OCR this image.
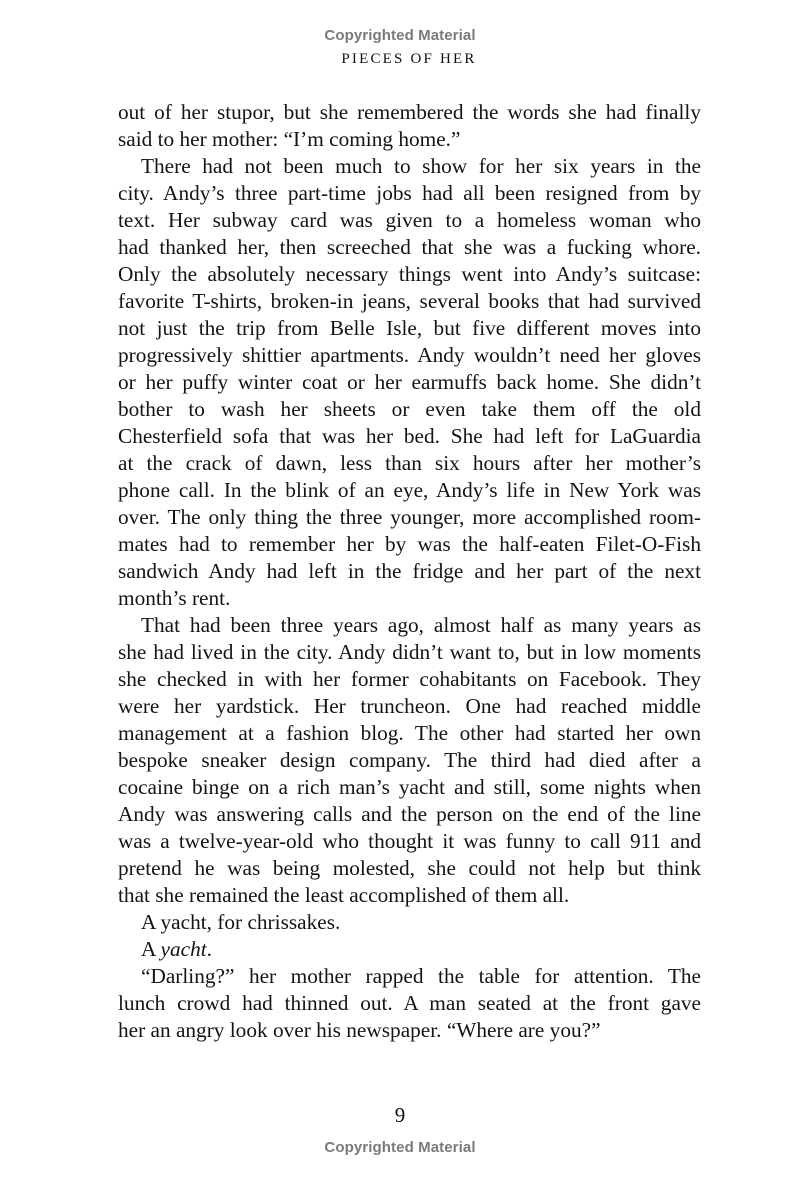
Copyrighted Material
PIECES OF HER
out of her stupor, but she remembered the words she had finally
said to her mother: “I’m coming home.”
There had not been much to show for her six years in the
city. Andy’s three part-time jobs had all been resigned from by
text. Her subway card was given to a homeless woman who
had thanked her, then screeched that she was a fucking whore.
Only the absolutely necessary things went into Andy’s suitcase:
favorite T-shirts, broken-in jeans, several books that had survived
not just the trip from Belle Isle, but five different moves into
progressively shittier apartments. Andy wouldn’t need her gloves
or her puffy winter coat or her earmuffs back home. She didn’t
bother to wash her sheets or even take them off the old
Chesterfield sofa that was her bed. She had left for LaGuardia
at the crack of dawn, less than six hours after her mother’s
phone call. In the blink of an eye, Andy’s life in New York was
over. The only thing the three younger, more accomplished room-
mates had to remember her by was the half-eaten Filet-O-Fish
sandwich Andy had left in the fridge and her part of the next
month’s rent.
That had been three years ago, almost half as many years as
she had lived in the city. Andy didn’t want to, but in low moments
she checked in with her former cohabitants on Facebook. They
were her yardstick. Her truncheon. One had reached middle
management at a fashion blog. The other had started her own
bespoke sneaker design company. The third had died after a
cocaine binge on a rich man’s yacht and still, some nights when
Andy was answering calls and the person on the end of the line
was a twelve-year-old who thought it was funny to call 911 and
pretend he was being molested, she could not help but think
that she remained the least accomplished of them all.
A yacht, for chrissakes.
A yacht.
“Darling?” her mother rapped the table for attention. The
lunch crowd had thinned out. A man seated at the front gave
her an angry look over his newspaper. “Where are you?”
9
Copyrighted Material
